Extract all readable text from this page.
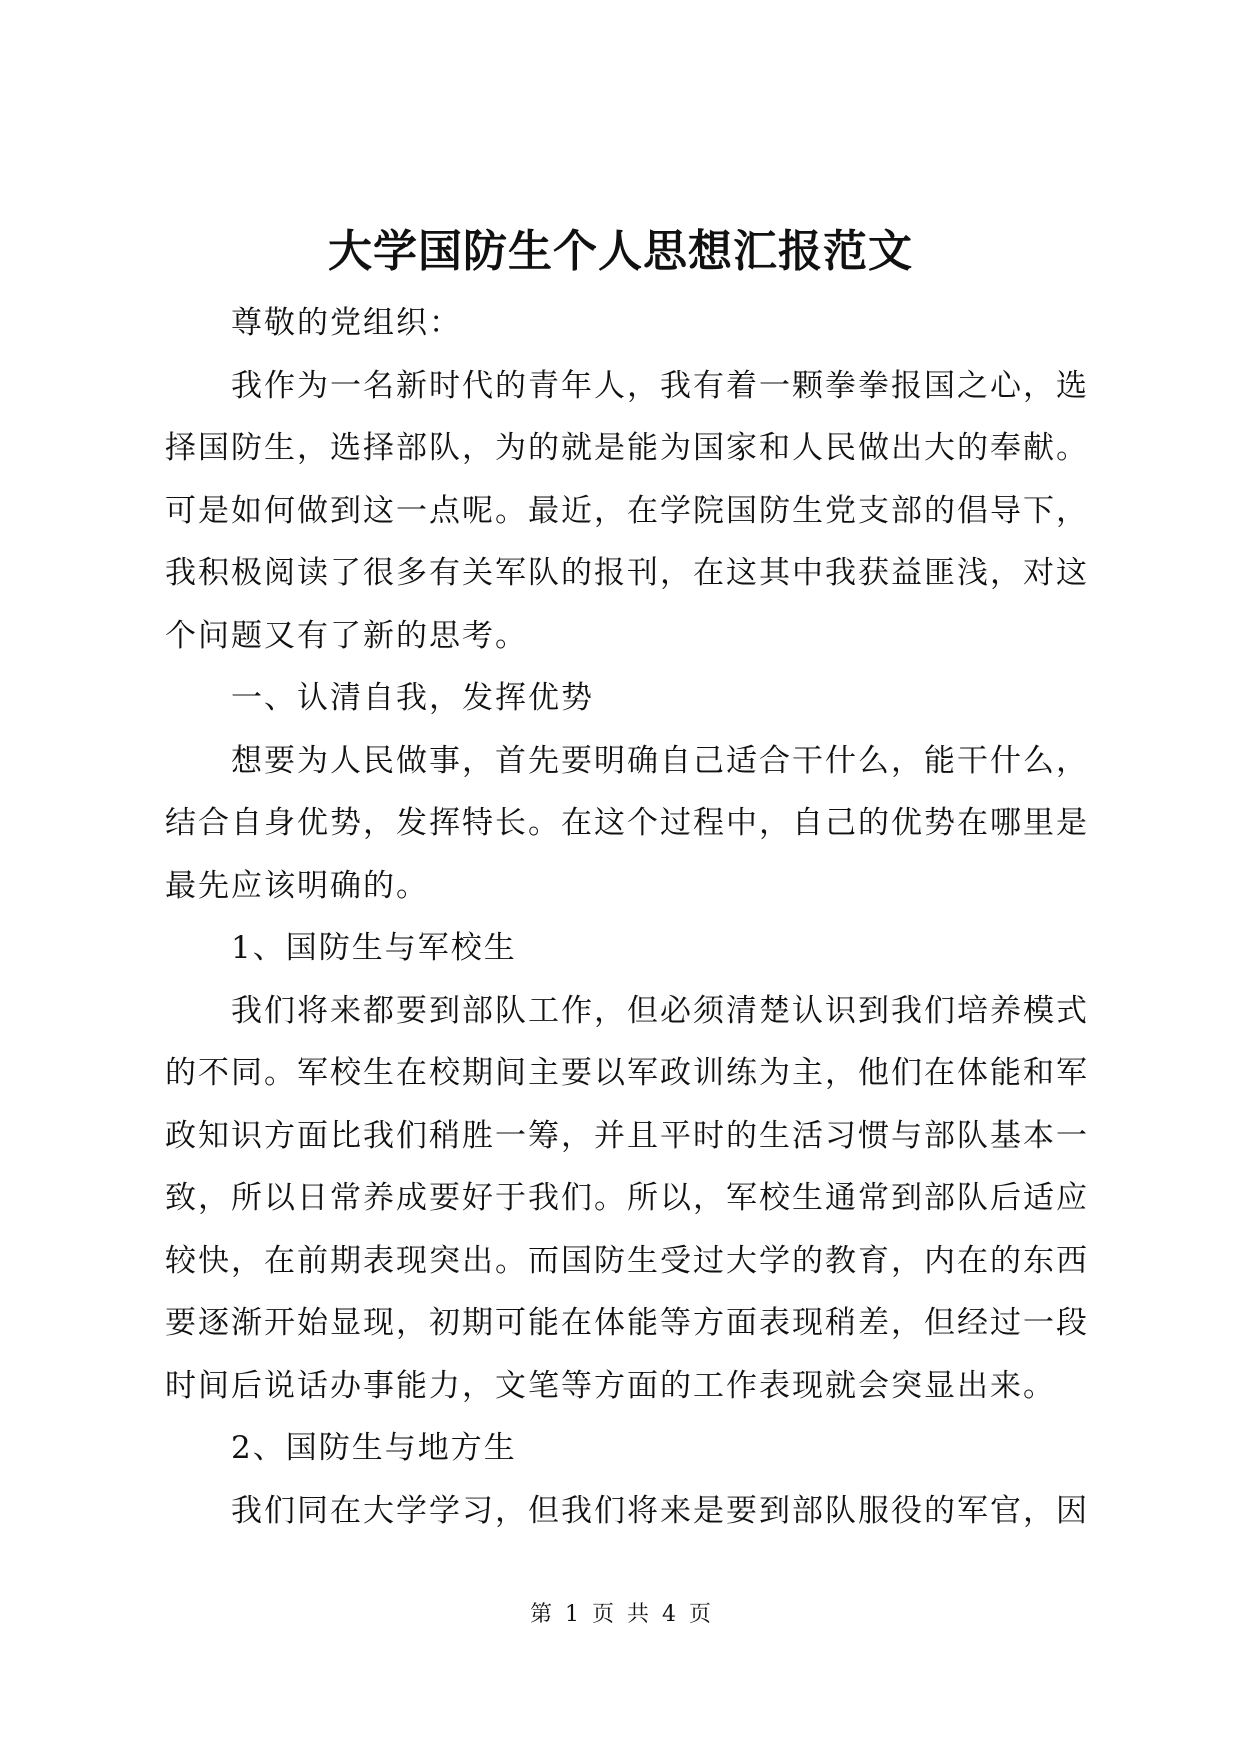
大学国防生个人思想汇报范文
尊敬的党组织：
我作为一名新时代的青年人，我有着一颗拳拳报国之心，选
择国防生，选择部队，为的就是能为国家和人民做出大的奉献。
可是如何做到这一点呢。最近，在学院国防生党支部的倡导下，
我积极阅读了很多有关军队的报刊，在这其中我获益匪浅，对这
个问题又有了新的思考。
一、认清自我，发挥优势
想要为人民做事，首先要明确自己适合干什么，能干什么，
结合自身优势，发挥特长。在这个过程中，自己的优势在哪里是
最先应该明确的。
1、国防生与军校生
我们将来都要到部队工作，但必须清楚认识到我们培养模式
的不同。军校生在校期间主要以军政训练为主，他们在体能和军
政知识方面比我们稍胜一筹，并且平时的生活习惯与部队基本一
致，所以日常养成要好于我们。所以，军校生通常到部队后适应
较快，在前期表现突出。而国防生受过大学的教育，内在的东西
要逐渐开始显现，初期可能在体能等方面表现稍差，但经过一段
时间后说话办事能力，文笔等方面的工作表现就会突显出来。
2、国防生与地方生
我们同在大学学习，但我们将来是要到部队服役的军官，因
第 1 页 共 4 页
